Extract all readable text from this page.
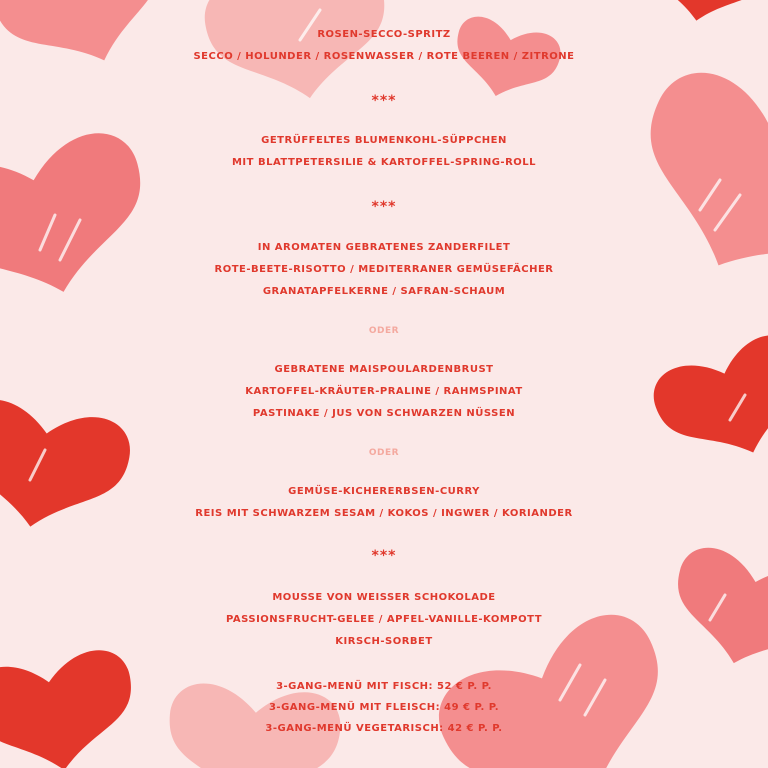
ROSEN-SECCO-SPRITZ
SECCO / HOLUNDER / ROSENWASSER / ROTE BEEREN / ZITRONE
***
GETRÜFFELTES BLUMENKOHL-SÜPPCHEN
MIT BLATTPETERSILIE & KARTOFFEL-SPRING-ROLL
***
IN AROMATEN GEBRATENES ZANDERFILET
ROTE-BEETE-RISOTTO / MEDITERRANER GEMÜSEFÄCHER
GRANATAPFELKERNE / SAFRAN-SCHAUM
ODER
GEBRATENE MAISPOULARDENBRUST
KARTOFFEL-KRÄUTER-PRALINE / RAHMSPINAT
PASTINAKE / JUS VON SCHWARZEN NÜSSEN
ODER
GEMÜSE-KICHERERBSEN-CURRY
REIS MIT SCHWARZEM SESAM / KOKOS / INGWER / KORIANDER
***
MOUSSE VON WEISSER SCHOKOLADE
PASSIONSFRUCHT-GELEE / APFEL-VANILLE-KOMPOTT
KIRSCH-SORBET
3-GANG-MENÜ MIT FISCH: 52 € P. P.
3-GANG-MENÜ MIT FLEISCH: 49 € P. P.
3-GANG-MENÜ VEGETARISCH: 42 € P. P.
